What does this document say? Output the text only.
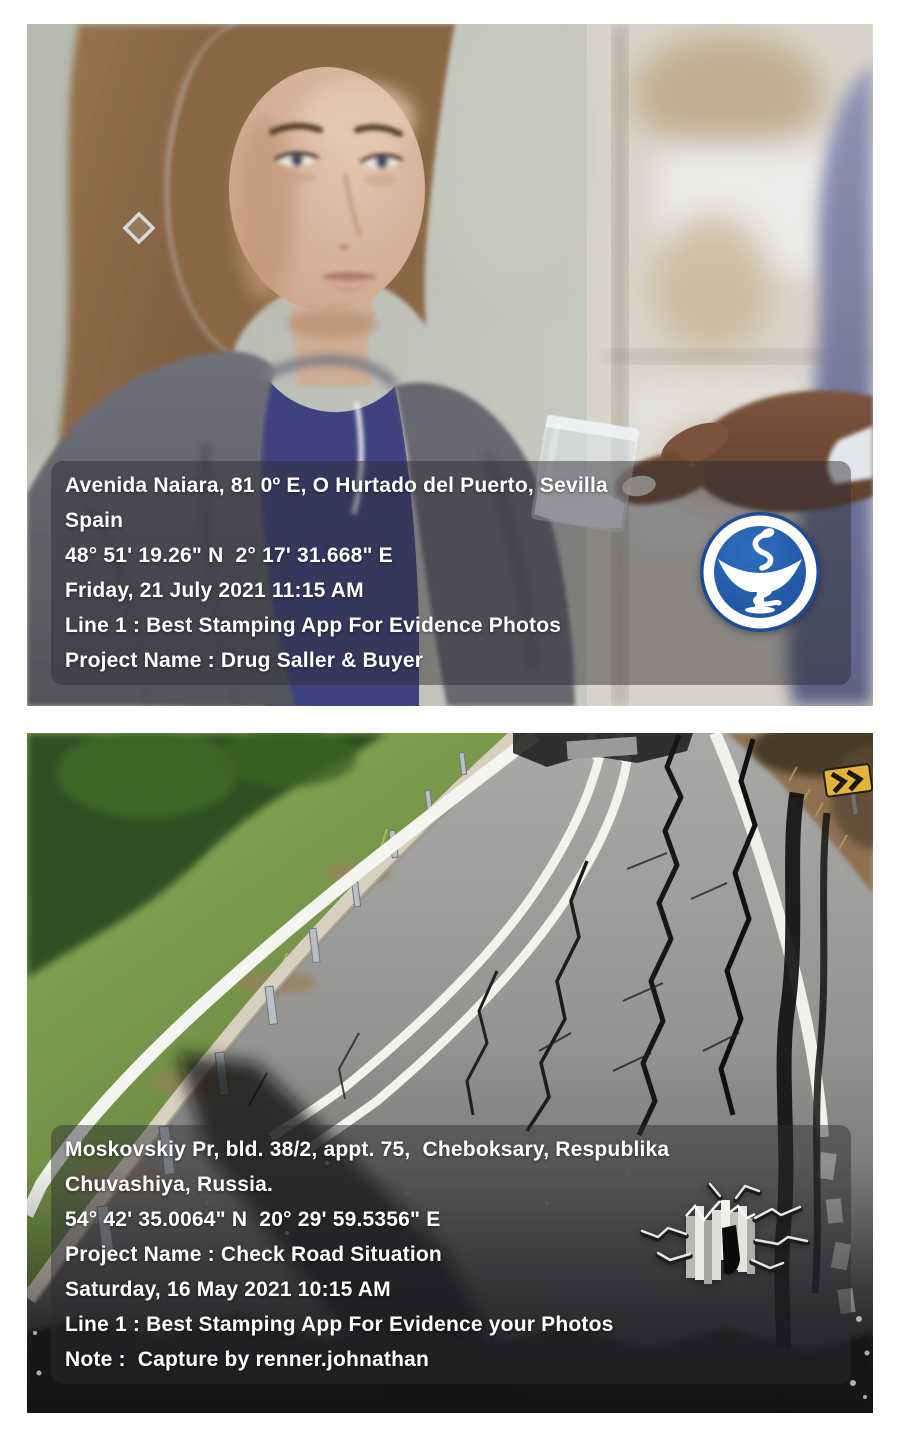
Avenida Naiara, 81 0º E, O Hurtado del Puerto, Sevilla
Spain
48° 51' 19.26" N  2° 17' 31.668" E
Friday, 21 July 2021 11:15 AM
Line 1 : Best Stamping App For Evidence Photos
Project Name : Drug Saller & Buyer
Moskovskiy Pr, bld. 38/2, appt. 75,  Cheboksary, Respublika
Chuvashiya, Russia.
54° 42' 35.0064" N  20° 29' 59.5356" E
Project Name : Check Road Situation
Saturday, 16 May 2021 10:15 AM
Line 1 : Best Stamping App For Evidence your Photos
Note :  Capture by renner.johnathan
